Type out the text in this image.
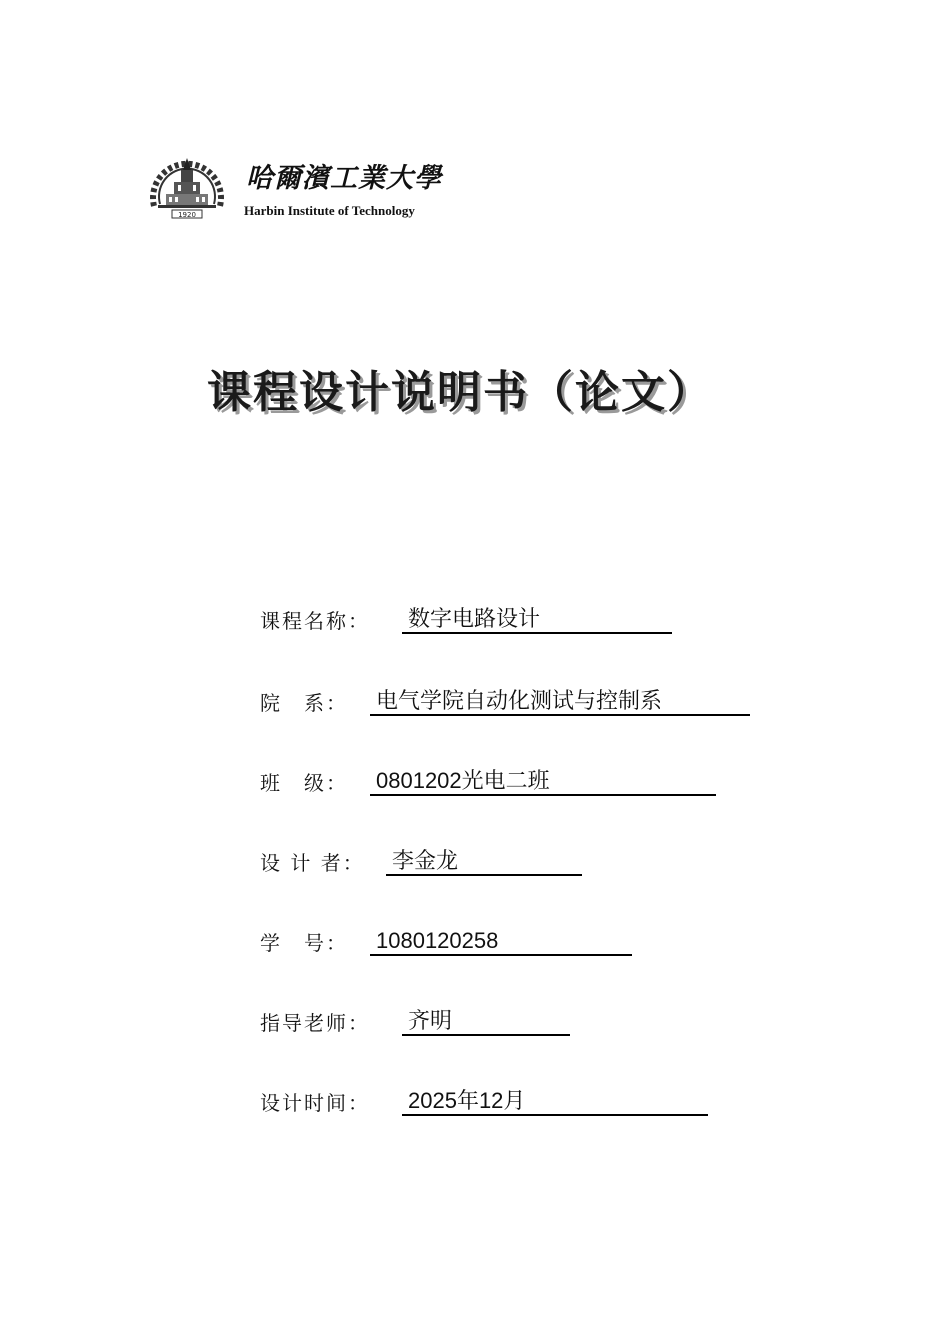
1920
哈爾濱工業大學
Harbin Institute of Technology
课程设计说明书（论文）
课程名称： 数字电路设计
院　系： 电气学院自动化测试与控制系
班　级： 0801202光电二班
设 计 者： 李金龙
学　号： 1080120258
指导老师： 齐明
设计时间： 2025年12月
